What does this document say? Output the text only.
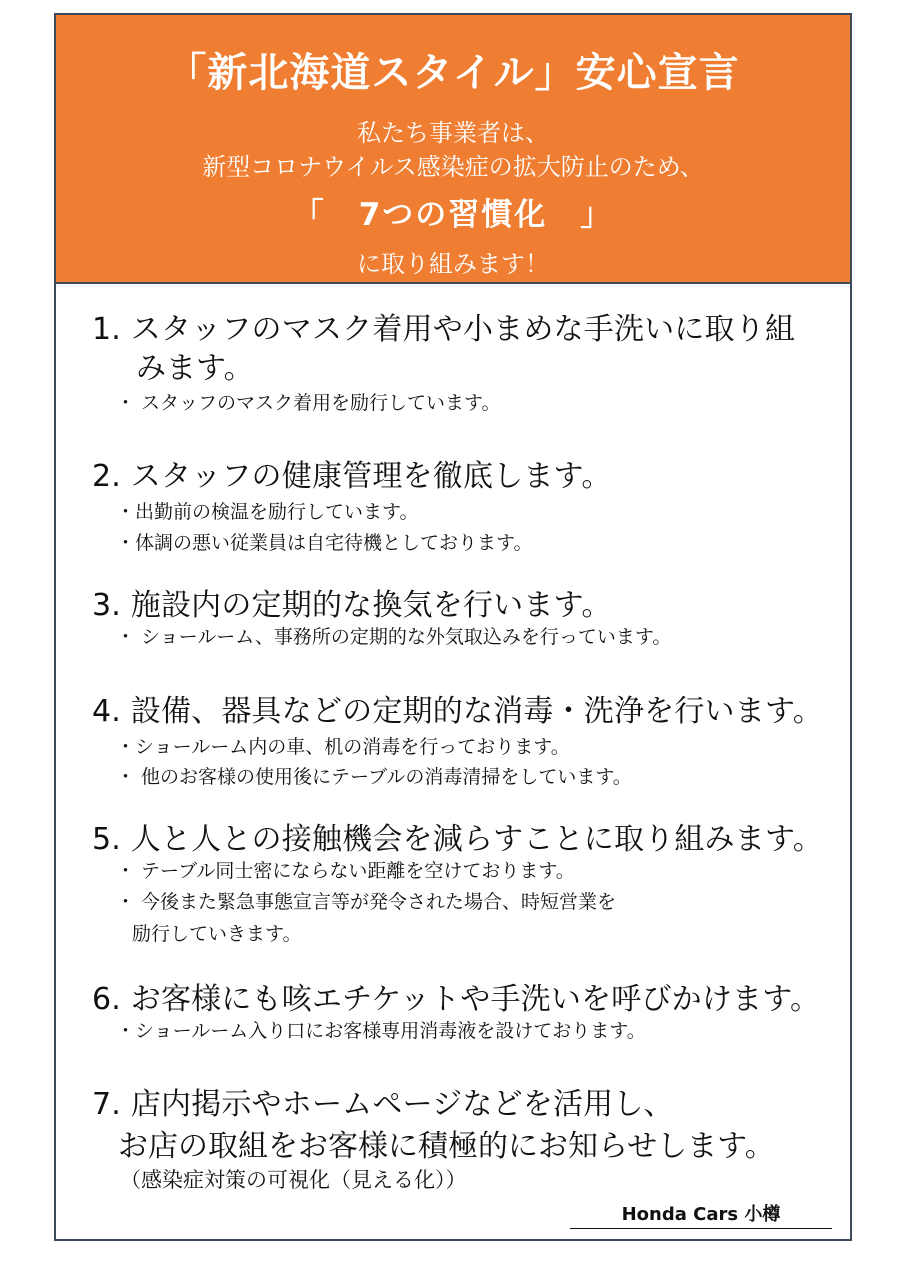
「新北海道スタイル」安心宣言
私たち事業者は、
新型コロナウイルス感染症の拡大防止のため、
「　7つの習慣化　」
に取り組みます！
1. スタッフのマスク着用や小まめな手洗いに取り組
みます。
・ スタッフのマスク着用を励行しています。
2. スタッフの健康管理を徹底します。
・出勤前の検温を励行しています。
・体調の悪い従業員は自宅待機としております。
3. 施設内の定期的な換気を行います。
・ ショールーム、事務所の定期的な外気取込みを行っています。
4. 設備、器具などの定期的な消毒・洗浄を行います。
・ショールーム内の車、机の消毒を行っております。
・ 他のお客様の使用後にテーブルの消毒清掃をしています。
5. 人と人との接触機会を減らすことに取り組みます。
・ テーブル同士密にならない距離を空けております。
・ 今後また緊急事態宣言等が発令された場合、時短営業を
励行していきます。
6. お客様にも咳エチケットや手洗いを呼びかけます。
・ショールーム入り口にお客様専用消毒液を設けております。
7. 店内掲示やホームページなどを活用し、
お店の取組をお客様に積極的にお知らせします。
（感染症対策の可視化（見える化））
Honda Cars 小樽
